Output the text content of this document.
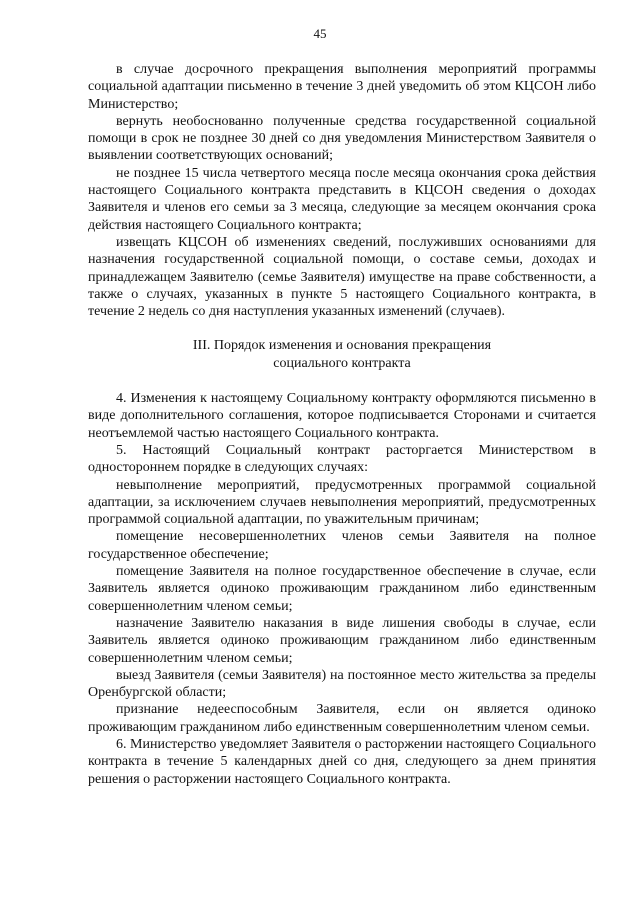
45

в случае досрочного прекращения выполнения мероприятий программы социальной адаптации письменно в течение 3 дней уведомить об этом КЦСОН либо Министерство;

вернуть необоснованно полученные средства государственной социальной помощи в срок не позднее 30 дней со дня уведомления Министерством Заявителя о выявлении соответствующих оснований;

не позднее 15 числа четвертого месяца после месяца окончания срока действия настоящего Социального контракта представить в КЦСОН сведения о доходах Заявителя и членов его семьи за 3 месяца, следующие за месяцем окончания срока действия настоящего Социального контракта;

извещать КЦСОН об изменениях сведений, послуживших основаниями для назначения государственной социальной помощи, о составе семьи, доходах и принадлежащем Заявителю (семье Заявителя) имуществе на праве собственности, а также о случаях, указанных в пункте 5 настоящего Социального контракта, в течение 2 недель со дня наступления указанных изменений (случаев).

III. Порядок изменения и основания прекращения
социального контракта

4. Изменения к настоящему Социальному контракту оформляются письменно в виде дополнительного соглашения, которое подписывается Сторонами и считается неотъемлемой частью настоящего Социального контракта.

5. Настоящий Социальный контракт расторгается Министерством в одностороннем порядке в следующих случаях:

невыполнение мероприятий, предусмотренных программой социальной адаптации, за исключением случаев невыполнения мероприятий, предусмотренных программой социальной адаптации, по уважительным причинам;

помещение несовершеннолетних членов семьи Заявителя на полное государственное обеспечение;

помещение Заявителя на полное государственное обеспечение в случае, если Заявитель является одиноко проживающим гражданином либо единственным совершеннолетним членом семьи;

назначение Заявителю наказания в виде лишения свободы в случае, если Заявитель является одиноко проживающим гражданином либо единственным совершеннолетним членом семьи;

выезд Заявителя (семьи Заявителя) на постоянное место жительства за пределы Оренбургской области;

признание недееспособным Заявителя, если он является одиноко проживающим гражданином либо единственным совершеннолетним членом семьи.

6. Министерство уведомляет Заявителя о расторжении настоящего Социального контракта в течение 5 календарных дней со дня, следующего за днем принятия решения о расторжении настоящего Социального контракта.
